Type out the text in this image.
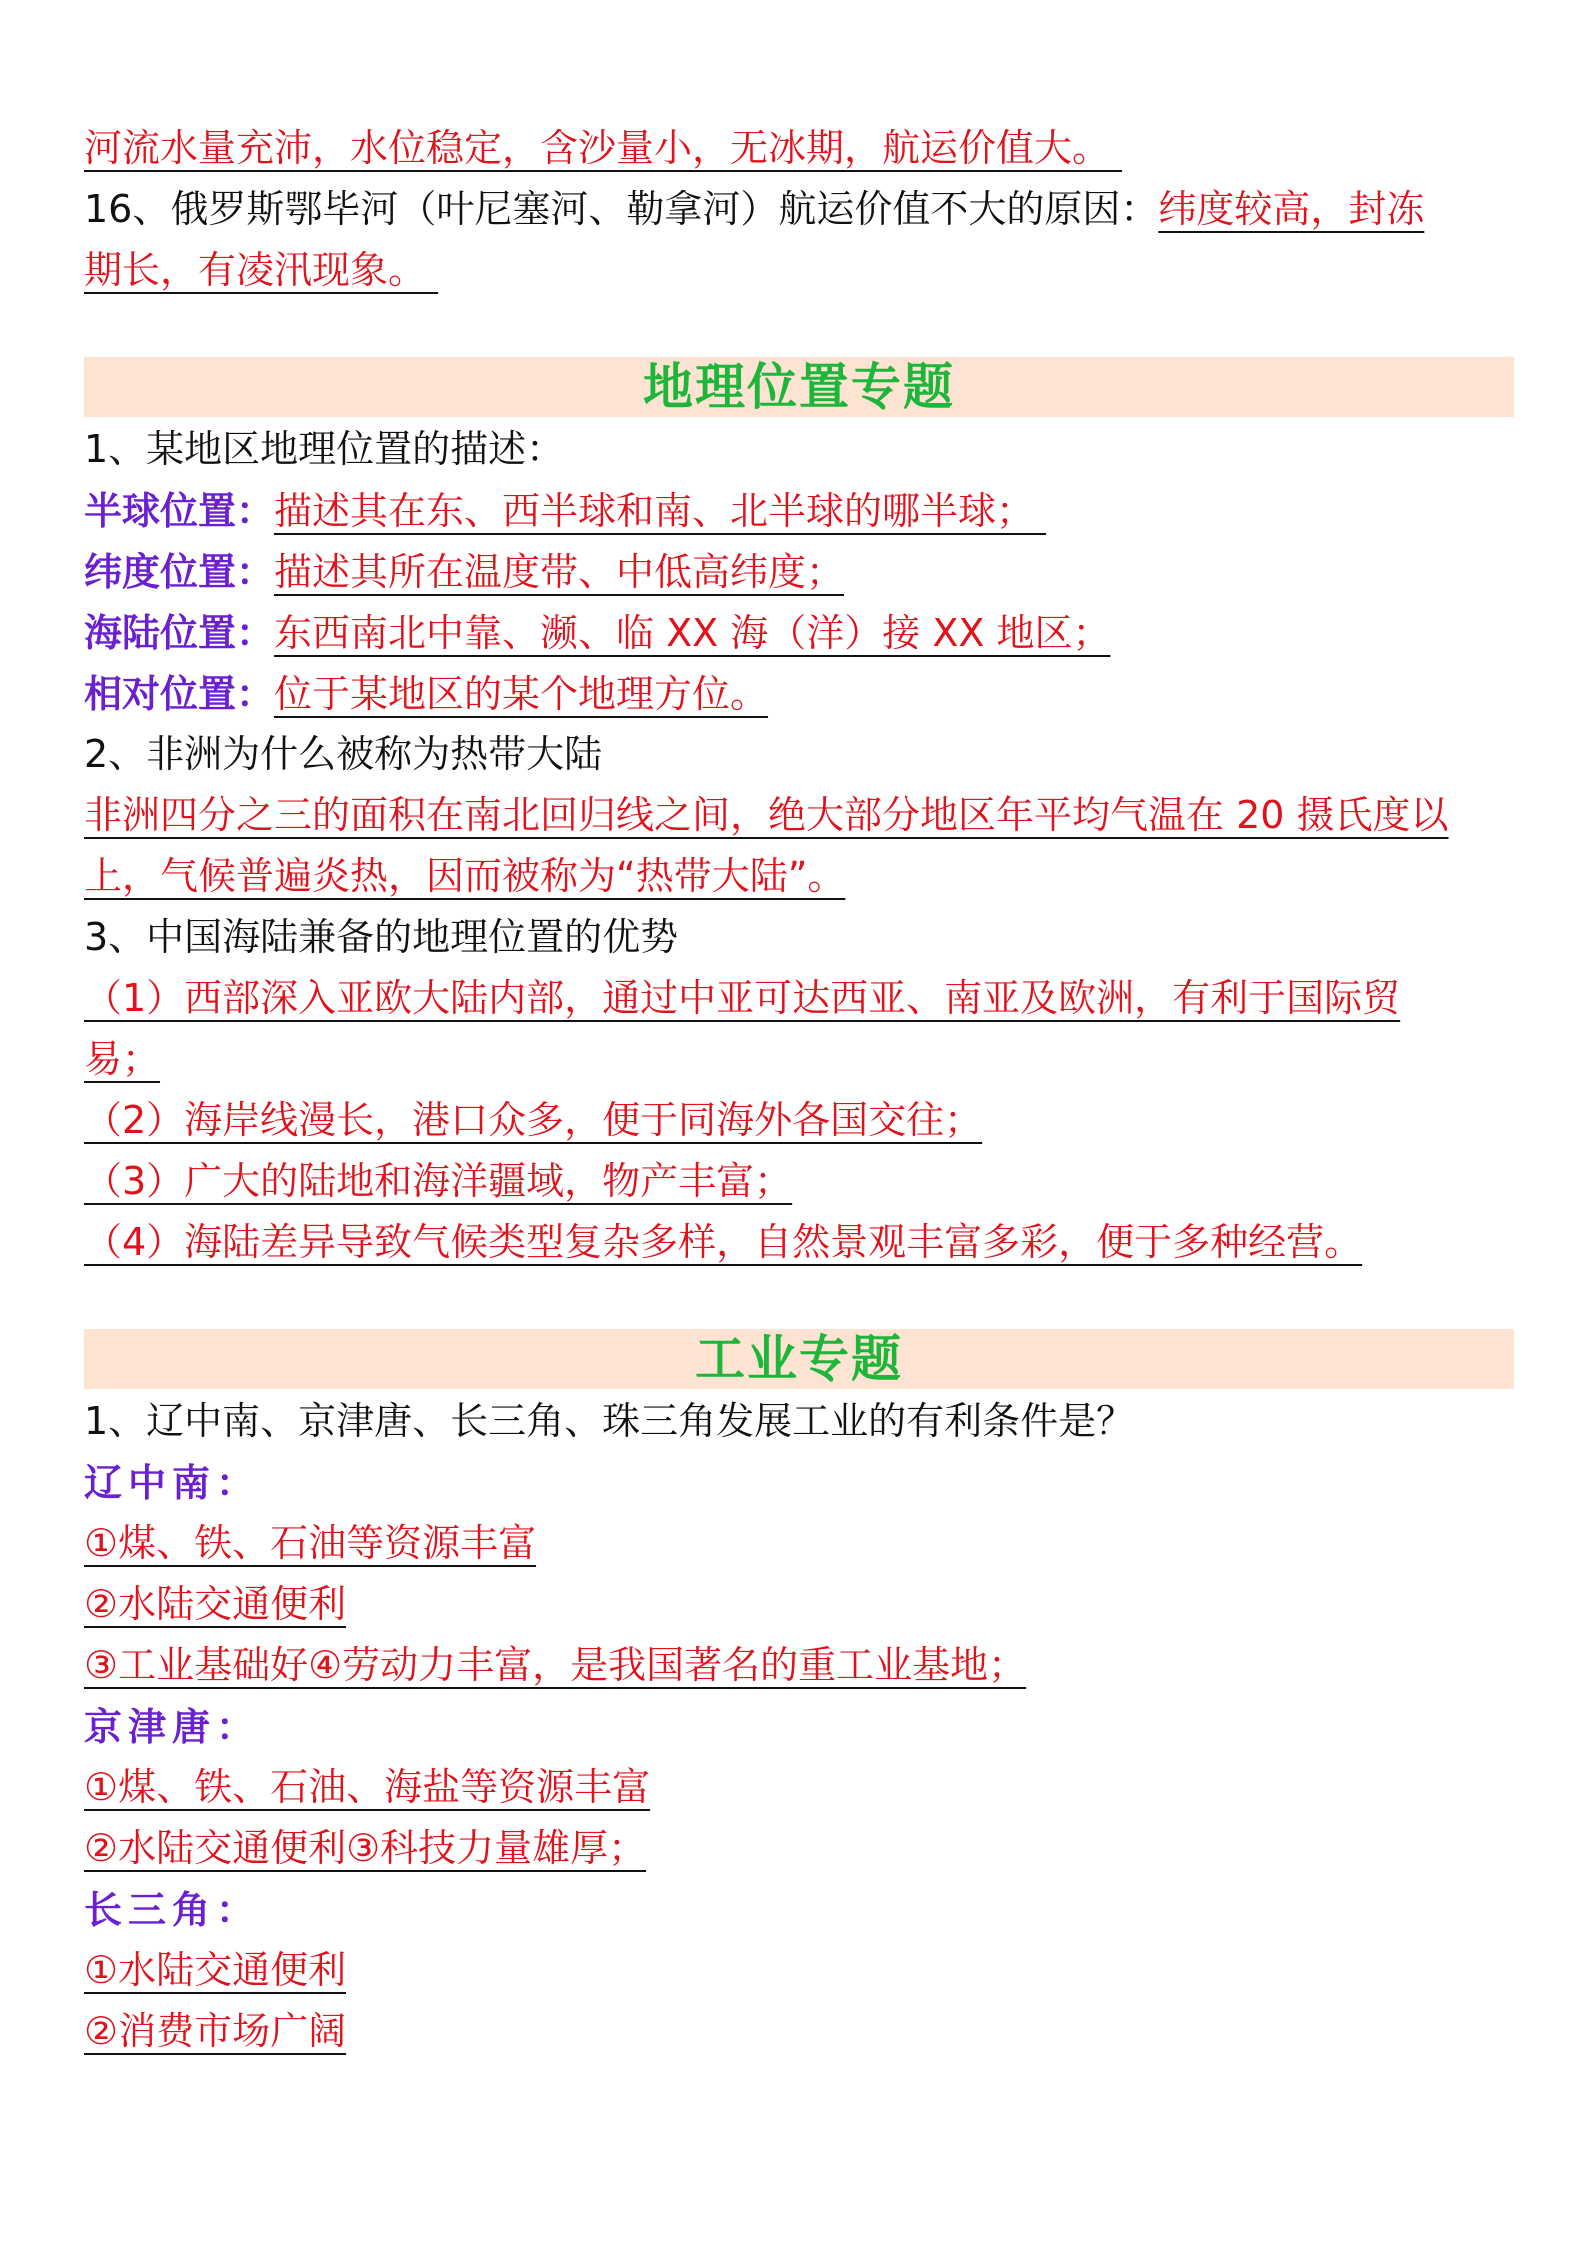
河流水量充沛，水位稳定，含沙量小，无冰期，航运价值大。
16、俄罗斯鄂毕河（叶尼塞河、勒拿河）航运价值不大的原因：纬度较高，封冻
期长，有凌汛现象。
地理位置专题
1、某地区地理位置的描述：
半球位置：描述其在东、西半球和南、北半球的哪半球；
纬度位置：描述其所在温度带、中低高纬度；
海陆位置：东西南北中靠、濒、临 XX 海（洋）接 XX 地区；
相对位置：位于某地区的某个地理方位。
2、非洲为什么被称为热带大陆
非洲四分之三的面积在南北回归线之间，绝大部分地区年平均气温在 20 摄氏度以
上，气候普遍炎热，因而被称为“热带大陆”。
3、中国海陆兼备的地理位置的优势
（1）西部深入亚欧大陆内部，通过中亚可达西亚、南亚及欧洲，有利于国际贸
易；
（2）海岸线漫长，港口众多，便于同海外各国交往；
（3）广大的陆地和海洋疆域，物产丰富；
（4）海陆差异导致气候类型复杂多样，自然景观丰富多彩，便于多种经营。
工业专题
1、辽中南、京津唐、长三角、珠三角发展工业的有利条件是？
辽中南：
①煤、铁、石油等资源丰富
②水陆交通便利
③工业基础好④劳动力丰富，是我国著名的重工业基地；
京津唐：
①煤、铁、石油、海盐等资源丰富
②水陆交通便利③科技力量雄厚；
长三角：
①水陆交通便利
②消费市场广阔
